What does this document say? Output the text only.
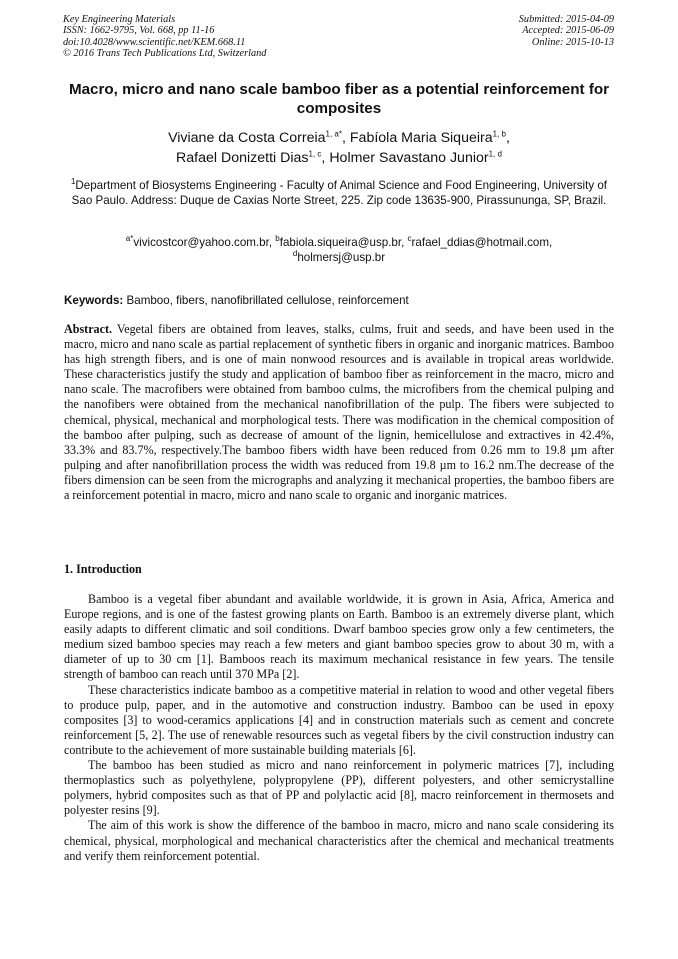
Key Engineering Materials
ISSN: 1662-9795, Vol. 668, pp 11-16
doi:10.4028/www.scientific.net/KEM.668.11
© 2016 Trans Tech Publications Ltd, Switzerland
Submitted: 2015-04-09
Accepted: 2015-06-09
Online: 2015-10-13
Macro, micro and nano scale bamboo fiber as a potential reinforcement for composites
Viviane da Costa Correia$^{1, a*}$, Fabíola Maria Siqueira$^{1, b}$,
Rafael Donizetti Dias$^{1, c}$, Holmer Savastano Junior$^{1, d}$
$^1$Department of Biosystems Engineering - Faculty of Animal Science and Food Engineering, University of Sao Paulo. Address: Duque de Caxias Norte Street, 225. Zip code 13635-900, Pirassununga, SP, Brazil.
$^{a*}$vivicostcor@yahoo.com.br, $^b$fabiola.siqueira@usp.br, $^c$rafael_ddias@hotmail.com,
$^d$holmersj@usp.br
Keywords: Bamboo, fibers, nanofibrillated cellulose, reinforcement

Abstract. Vegetal fibers are obtained from leaves, stalks, culms, fruit and seeds, and have been used in the macro, micro and nano scale as partial replacement of synthetic fibers in organic and inorganic matrices. Bamboo has high strength fibers, and is one of main nonwood resources and is available in tropical areas worldwide. These characteristics justify the study and application of bamboo fiber as reinforcement in the macro, micro and nano scale. The macrofibers were obtained from bamboo culms, the microfibers from the chemical pulping and the nanofibers were obtained from the mechanical nanofibrillation of the pulp. The fibers were subjected to chemical, physical, mechanical and morphological tests. There was modification in the chemical composition of the bamboo after pulping, such as decrease of amount of the lignin, hemicellulose and extractives in 42.4%, 33.3% and 83.7%, respectively.The bamboo fibers width have been reduced from 0.26 mm to 19.8 µm after pulping and after nanofibrillation process the width was reduced from 19.8 µm to 16.2 nm.The decrease of the fibers dimension can be seen from the micrographs and analyzing it mechanical properties, the bamboo fibers are a reinforcement potential in macro, micro and nano scale to organic and inorganic matrices.

1. Introduction

Bamboo is a vegetal fiber abundant and available worldwide, it is grown in Asia, Africa, America and Europe regions, and is one of the fastest growing plants on Earth. Bamboo is an extremely diverse plant, which easily adapts to different climatic and soil conditions. Dwarf bamboo species grow only a few centimeters, the medium sized bamboo species may reach a few meters and giant bamboo species grow to about 30 m, with a diameter of up to 30 cm [1]. Bamboos reach its maximum mechanical resistance in few years. The tensile strength of bamboo can reach until 370 MPa [2].

These characteristics indicate bamboo as a competitive material in relation to wood and other vegetal fibers to produce pulp, paper, and in the automotive and construction industry. Bamboo can be used in epoxy composites [3] to wood-ceramics applications [4] and in construction materials such as cement and concrete reinforcement [5, 2]. The use of renewable resources such as vegetal fibers by the civil construction industry can contribute to the achievement of more sustainable building materials [6].

The bamboo has been studied as micro and nano reinforcement in polymeric matrices [7], including thermoplastics such as polyethylene, polypropylene (PP), different polyesters, and other semicrystalline polymers, hybrid composites such as that of PP and polylactic acid [8], macro reinforcement in thermosets and polyester resins [9].

The aim of this work is show the difference of the bamboo in macro, micro and nano scale considering its chemical, physical, morphological and mechanical characteristics after the chemical and mechanical treatments and verify them reinforcement potential.
